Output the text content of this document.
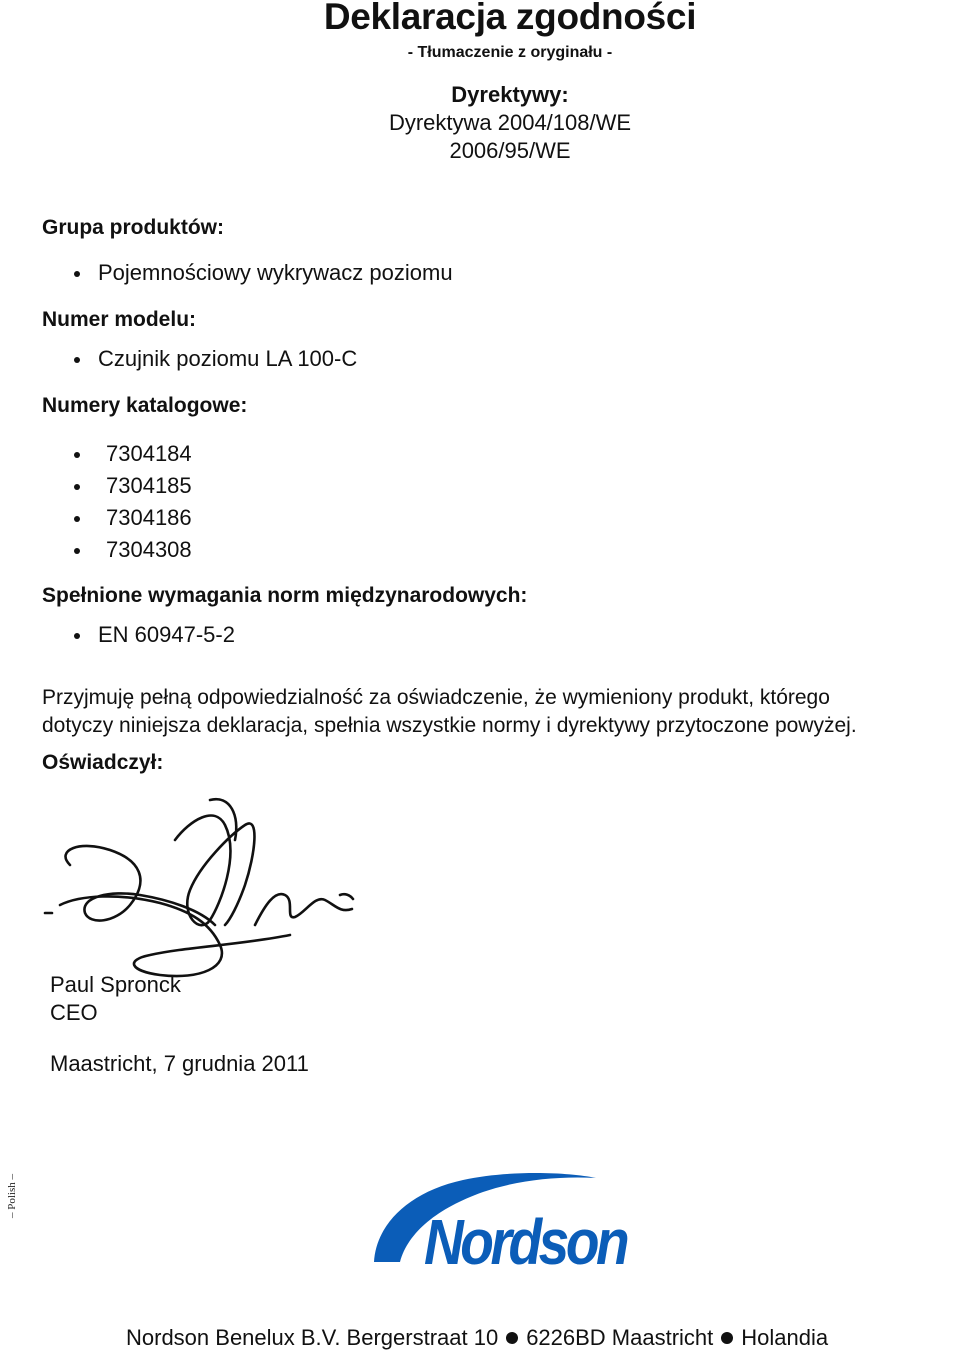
Deklaracja zgodności
- Tłumaczenie z oryginału -
Dyrektywy:
Dyrektywa 2004/108/WE
2006/95/WE
Grupa produktów:
Pojemnościowy wykrywacz poziomu
Numer modelu:
Czujnik poziomu LA 100-C
Numery katalogowe:
7304184
7304185
7304186
7304308
Spełnione wymagania norm międzynarodowych:
EN 60947-5-2
Przyjmuję pełną odpowiedzialność za oświadczenie, że wymieniony produkt, którego
dotyczy niniejsza deklaracja, spełnia wszystkie normy i dyrektywy przytoczone powyżej.
Oświadczył:
Paul Spronck
CEO
Maastricht, 7 grudnia 2011
– Polish –
Nordson
Nordson Benelux B.V. Bergerstraat 10 6226BD Maastricht Holandia
